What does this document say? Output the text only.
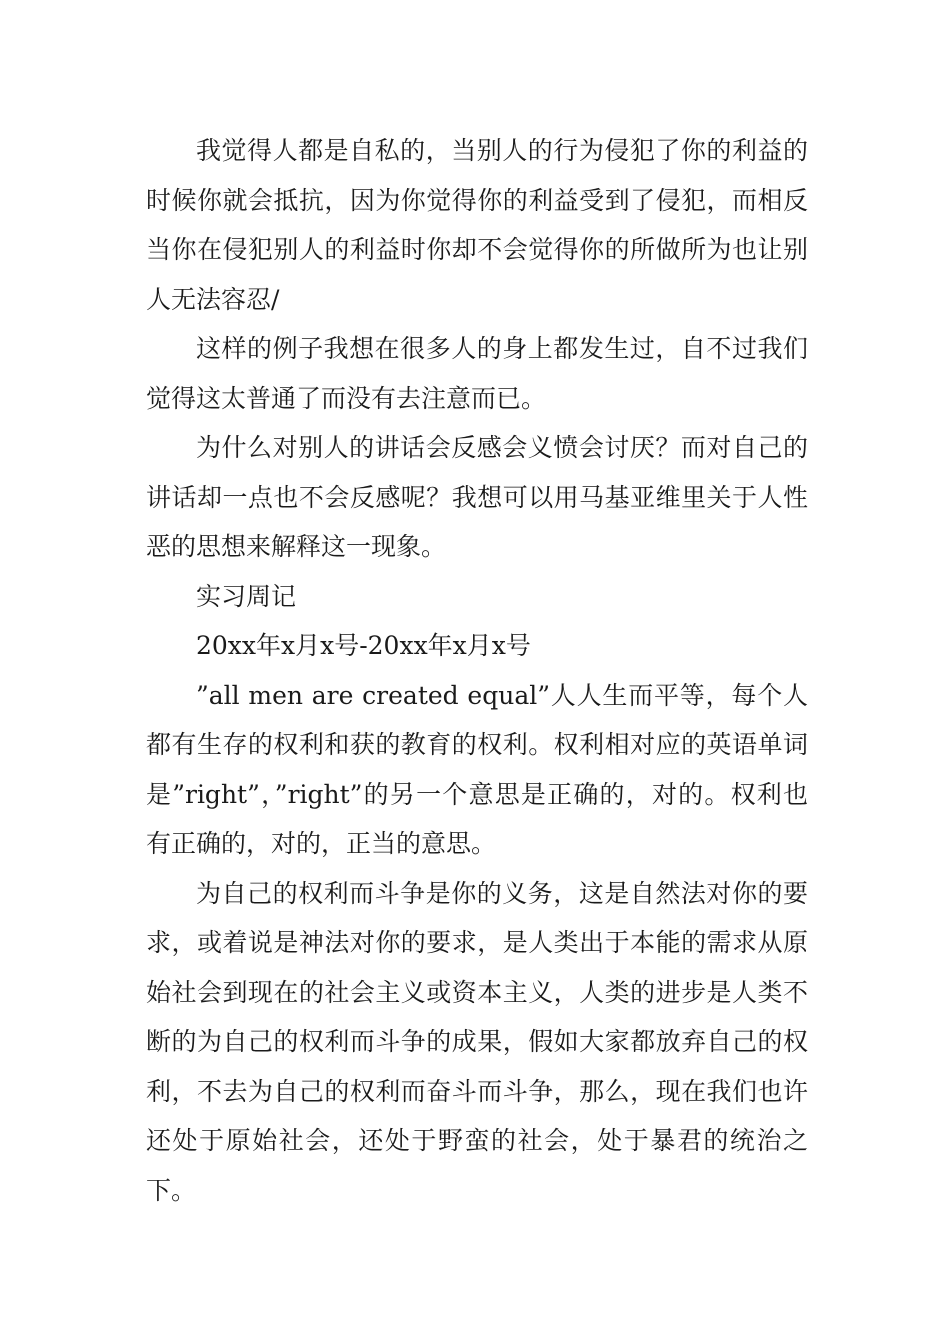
我觉得人都是自私的，当别人的行为侵犯了你的利益的时候你就会抵抗，因为你觉得你的利益受到了侵犯，而相反当你在侵犯别人的利益时你却不会觉得你的所做所为也让别人无法容忍/

这样的例子我想在很多人的身上都发生过，自不过我们觉得这太普通了而没有去注意而已。

为什么对别人的讲话会反感会义愤会讨厌？而对自己的讲话却一点也不会反感呢？我想可以用马基亚维里关于人性恶的思想来解释这一现象。

实习周记

20xx年x月x号-20xx年x月x号

”all men are created equal”人人生而平等，每个人都有生存的权利和获的教育的权利。权利相对应的英语单词是”right”，”right”的另一个意思是正确的，对的。权利也有正确的，对的，正当的意思。

为自己的权利而斗争是你的义务，这是自然法对你的要求，或着说是神法对你的要求，是人类出于本能的需求从原始社会到现在的社会主义或资本主义，人类的进步是人类不断的为自己的权利而斗争的成果，假如大家都放弃自己的权利，不去为自己的权利而奋斗而斗争，那么，现在我们也许还处于原始社会，还处于野蛮的社会，处于暴君的统治之下。
